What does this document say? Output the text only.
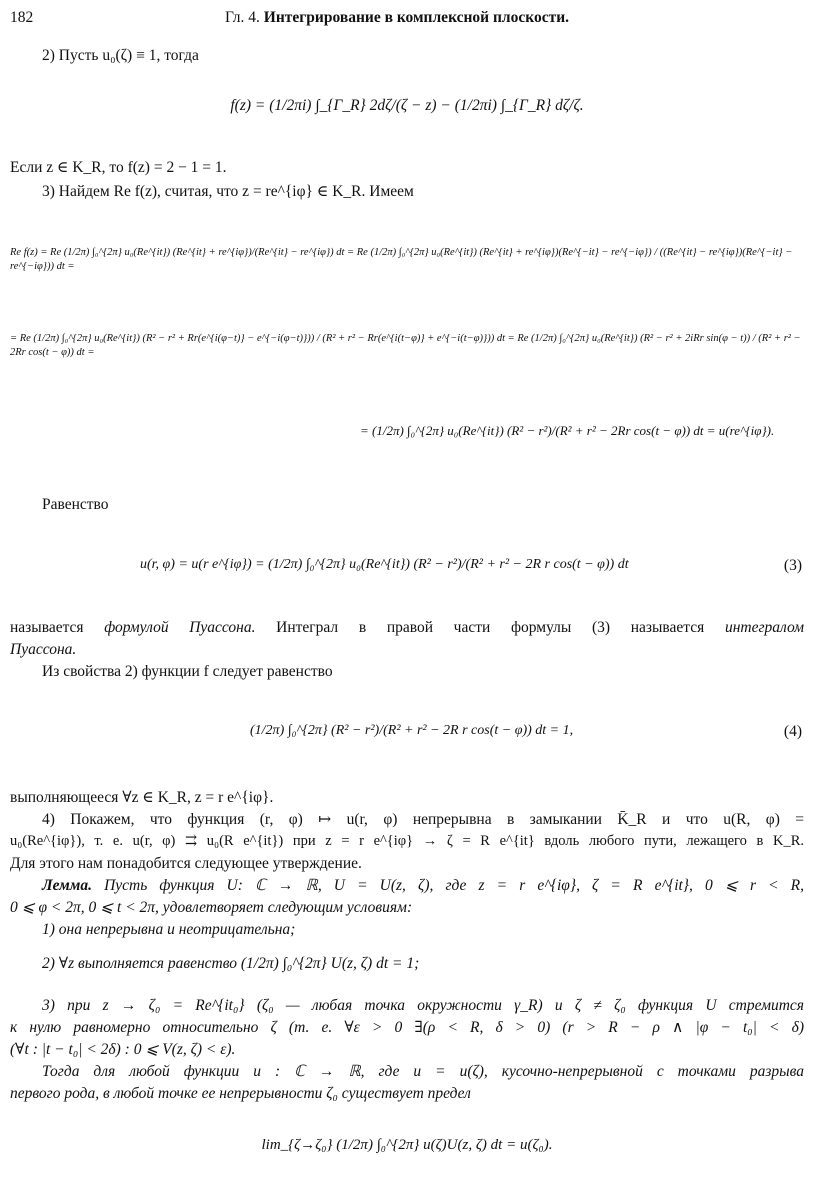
182	Гл. 4. Интегрирование в комплексной плоскости.
2) Пусть u₀(ζ) ≡ 1, тогда
f(z) = (1/2πi) ∫_{Γ_R} 2dζ/(ζ − z) − (1/2πi) ∫_{Γ_R} dζ/ζ.
Если z ∈ K_R, то f(z) = 2 − 1 = 1.
3) Найдем Re f(z), считая, что z = re^{iφ} ∈ K_R. Имеем
Re f(z) = Re (1/2π) ∫₀^{2π} u₀(Re^{it}) (Re^{it} + re^{iφ})/(Re^{it} − re^{iφ}) dt = Re (1/2π) ∫₀^{2π} u₀(Re^{it}) (Re^{it} + re^{iφ})(Re^{−it} − re^{−iφ}) / ((Re^{it} − re^{iφ})(Re^{−it} − re^{−iφ})) dt =
= Re (1/2π) ∫₀^{2π} u₀(Re^{it}) (R² − r² + Rr(e^{i(φ−t)} − e^{−i(φ−t)})) / (R² + r² − Rr(e^{i(t−φ)} + e^{−i(t−φ)})) dt = Re (1/2π) ∫₀^{2π} u₀(Re^{it}) (R² − r² + 2iRr sin(φ − t)) / (R² + r² − 2Rr cos(t − φ)) dt =
= (1/2π) ∫₀^{2π} u₀(Re^{it}) (R² − r²)/(R² + r² − 2Rr cos(t − φ)) dt = u(re^{iφ}).
Равенство
u(r, φ) = u(r e^{iφ}) = (1/2π) ∫₀^{2π} u₀(Re^{it}) (R² − r²)/(R² + r² − 2R r cos(t − φ)) dt	(3)
называется формулой Пуассона. Интеграл в правой части формулы (3) называется интегралом
Пуассона.
Из свойства 2) функции f следует равенство
(1/2π) ∫₀^{2π} (R² − r²)/(R² + r² − 2R r cos(t − φ)) dt = 1,	(4)
выполняющееся ∀z ∈ K_R, z = r e^{iφ}.
4) Покажем, что функция (r, φ) ↦ u(r, φ) непрерывна в замыкании K̄_R и что u(R, φ) =
u₀(Re^{iφ}), т. е. u(r, φ) ⇉ u₀(R e^{it}) при z = r e^{iφ} → ζ = R e^{it} вдоль любого пути, лежащего в K_R.
Для этого нам понадобится следующее утверждение.
Лемма. Пусть функция U: ℂ → ℝ, U = U(z, ζ), где z = r e^{iφ}, ζ = R e^{it}, 0 ⩽ r < R,
0 ⩽ φ < 2π, 0 ⩽ t < 2π, удовлетворяет следующим условиям:
1) она непрерывна и неотрицательна;
2) ∀z выполняется равенство (1/2π) ∫₀^{2π} U(z, ζ) dt = 1;
3) при z → ζ₀ = Re^{it₀} (ζ₀ — любая точка окружности γ_R) и ζ ≠ ζ₀ функция U стремится
к нулю равномерно относительно ζ (т. е. ∀ε > 0 ∃(ρ < R, δ > 0) (r > R − ρ ∧ |φ − t₀| < δ)
(∀t : |t − t₀| < 2δ) : 0 ⩽ V(z, ζ) < ε).
Тогда для любой функции u : ℂ → ℝ, где u = u(ζ), кусочно-непрерывной с точками разрыва
первого рода, в любой точке ее непрерывности ζ₀ существует предел
lim_{ζ→ζ₀} (1/2π) ∫₀^{2π} u(ζ)U(z, ζ) dt = u(ζ₀).
